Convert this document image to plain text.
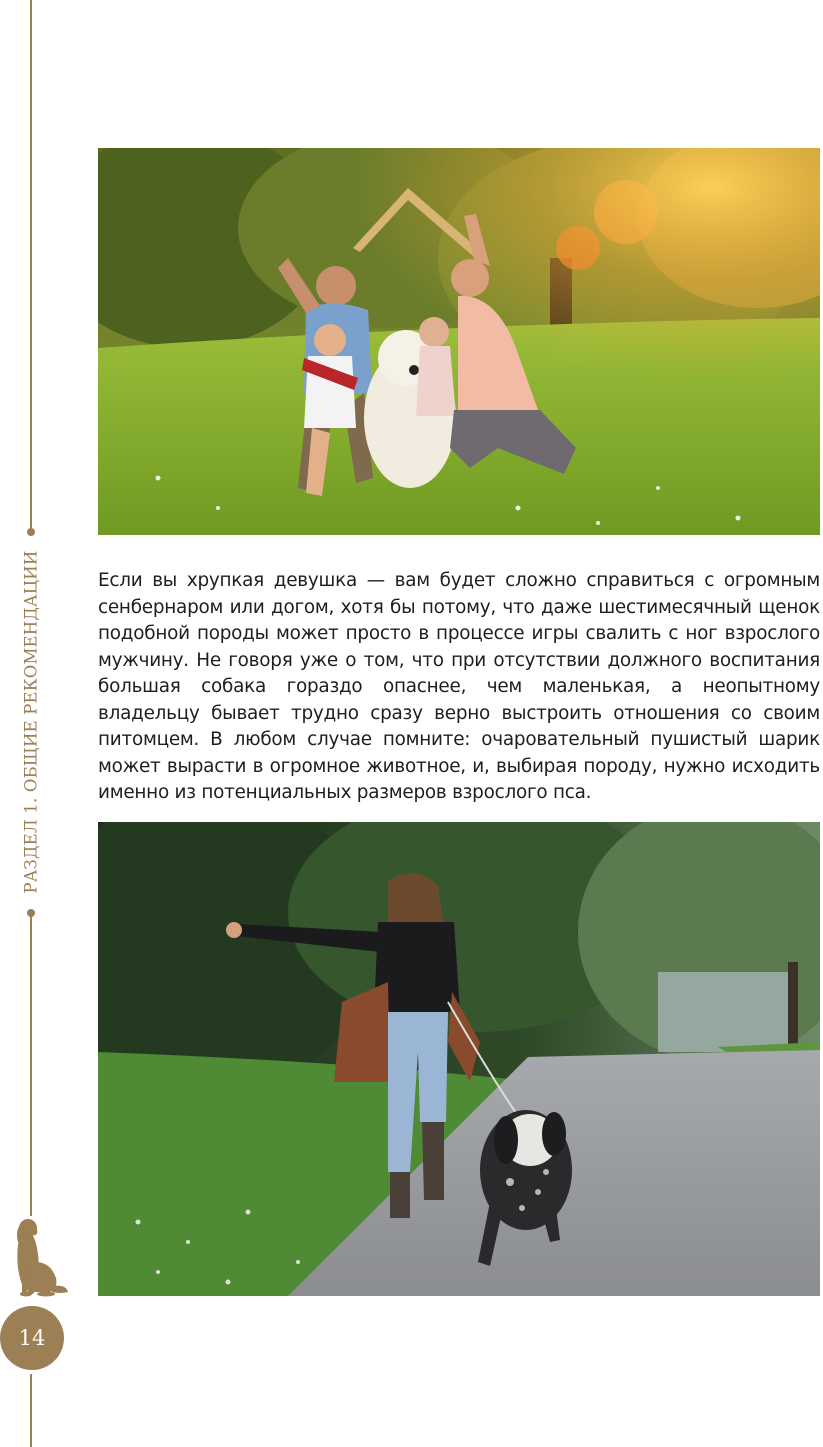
РАЗДЕЛ 1. ОБЩИЕ РЕКОМЕНДАЦИИ
14

Если вы хрупкая девушка — вам будет сложно справиться с огромным сенбернаром или догом, хотя бы потому, что даже шестимесячный щенок подобной породы может просто в процессе игры свалить с ног взрослого мужчину. Не говоря уже о том, что при отсутствии должного воспитания большая собака гораздо опаснее, чем маленькая, а неопытному владельцу бывает трудно сразу верно выстроить отношения со своим питомцем. В любом случае помните: очаровательный пушистый шарик может вырасти в огромное животное, и, выбирая породу, нужно исходить именно из потенциальных размеров взрослого пса.
